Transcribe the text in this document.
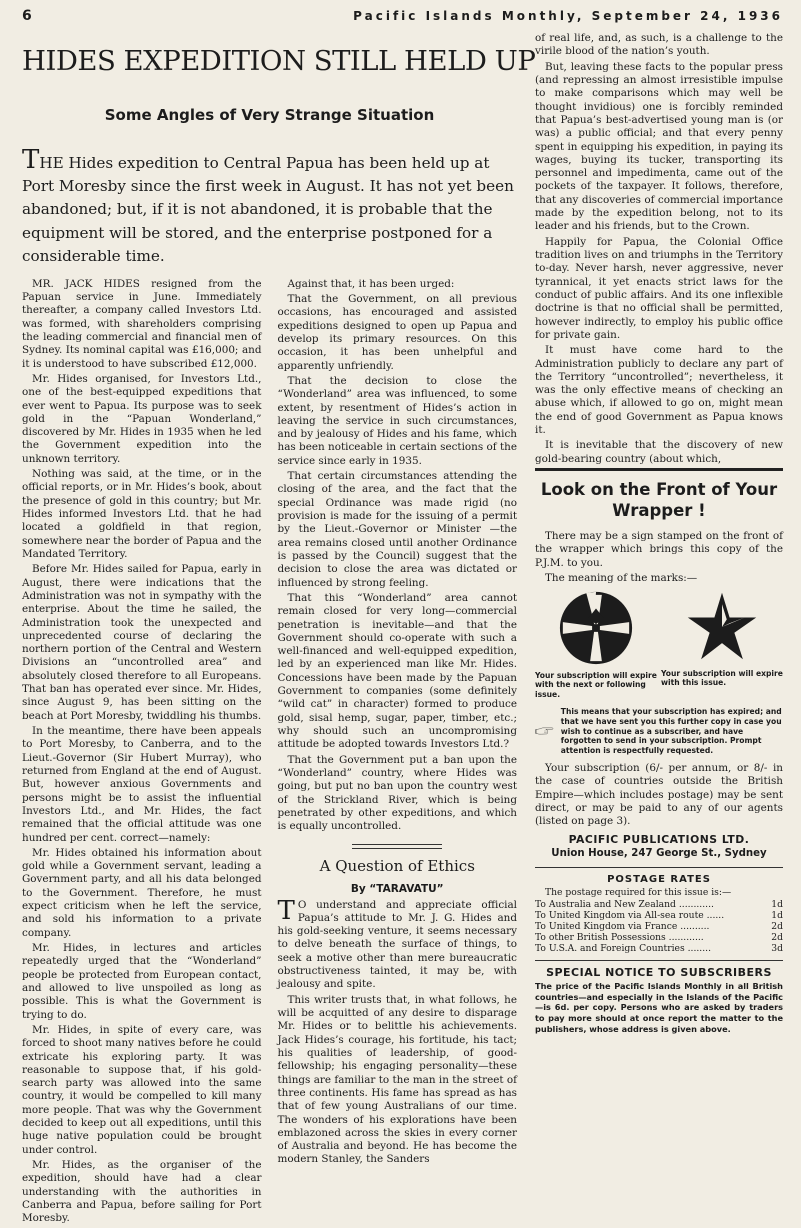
6	Pacific Islands Monthly, September 24, 1936
HIDES EXPEDITION STILL HELD UP
Some Angles of Very Strange Situation

THE Hides expedition to Central Papua has been held up at Port Moresby since the first week in August. It has not yet been abandoned; but, if it is not abandoned, it is probable that the equipment will be stored, and the enterprise postponed for a considerable time.

MR. JACK HIDES resigned from the Papuan service in June. Immediately thereafter, a company called Investors Ltd. was formed, with shareholders comprising the leading commercial and financial men of Sydney. Its nominal capital was £16,000; and it is understood to have subscribed £12,000.

Mr. Hides organised, for Investors Ltd., one of the best-equipped expeditions that ever went to Papua. Its purpose was to seek gold in the “Papuan Wonderland,” discovered by Mr. Hides in 1935 when he led the Government expedition into the unknown territory.

Nothing was said, at the time, or in the official reports, or in Mr. Hides’s book, about the presence of gold in this country; but Mr. Hides informed Investors Ltd. that he had located a goldfield in that region, somewhere near the border of Papua and the Mandated Territory.

Before Mr. Hides sailed for Papua, early in August, there were indications that the Administration was not in sympathy with the enterprise. About the time he sailed, the Administration took the unexpected and unprecedented course of declaring the northern portion of the Central and Western Divisions an “uncontrolled area” and absolutely closed therefore to all Europeans. That ban has operated ever since. Mr. Hides, since August 9, has been sitting on the beach at Port Moresby, twiddling his thumbs.

In the meantime, there have been appeals to Port Moresby, to Canberra, and to the Lieut.-Governor (Sir Hubert Murray), who returned from England at the end of August. But, however anxious Governments and persons might be to assist the influential Investors Ltd., and Mr. Hides, the fact remained that the official attitude was one hundred per cent. correct—namely:

Mr. Hides obtained his information about gold while a Government servant, leading a Government party, and all his data belonged to the Government. Therefore, he must expect criticism when he left the service, and sold his information to a private company.

Mr. Hides, in lectures and articles repeatedly urged that the “Wonderland” people be protected from European contact, and allowed to live unspoiled as long as possible. This is what the Government is trying to do.

Mr. Hides, in spite of every care, was forced to shoot many natives before he could extricate his exploring party. It was reasonable to suppose that, if his gold-search party was allowed into the same country, it would be compelled to kill many more people. That was why the Government decided to keep out all expeditions, until this huge native population could be brought under control.

Mr. Hides, as the organiser of the expedition, should have had a clear understanding with the authorities in Canberra and Papua, before sailing for Port Moresby.

Against that, it has been urged:

That the Government, on all previous occasions, has encouraged and assisted expeditions designed to open up Papua and develop its primary resources. On this occasion, it has been unhelpful and apparently unfriendly.

That the decision to close the “Wonderland” area was influenced, to some extent, by resentment of Hides’s action in leaving the service in such circumstances, and by jealousy of Hides and his fame, which has been noticeable in certain sections of the service since early in 1935.

That certain circumstances attending the closing of the area, and the fact that the special Ordinance was made rigid (no provision is made for the issuing of a permit by the Lieut.-Governor or Minister —the area remains closed until another Ordinance is passed by the Council) suggest that the decision to close the area was dictated or influenced by strong feeling.

That this “Wonderland” area cannot remain closed for very long—commercial penetration is inevitable—and that the Government should co-operate with such a well-financed and well-equipped expedition, led by an experienced man like Mr. Hides. Concessions have been made by the Papuan Government to companies (some definitely “wild cat” in character) formed to produce gold, sisal hemp, sugar, paper, timber, etc.; why should such an uncompromising attitude be adopted towards Investors Ltd.?

That the Government put a ban upon the “Wonderland” country, where Hides was going, but put no ban upon the country west of the Strickland River, which is being penetrated by other expeditions, and which is equally uncontrolled.

A Question of Ethics
By “TARAVATU”

T O understand and appreciate official Papua’s attitude to Mr. J. G. Hides and his gold-seeking venture, it seems necessary to delve beneath the surface of things, to seek a motive other than mere bureaucratic obstructiveness tainted, it may be, with jealousy and spite.

This writer trusts that, in what follows, he will be acquitted of any desire to disparage Mr. Hides or to belittle his achievements. Jack Hides’s courage, his fortitude, his tact; his qualities of leadership, of good-fellowship; his engaging personality—these things are familiar to the man in the street of three continents. His fame has spread as has that of few young Australians of our time. The wonders of his explorations have been emblazoned across the skies in every corner of Australia and beyond. He has become the modern Stanley, the Sanders

of real life, and, as such, is a challenge to the virile blood of the nation’s youth.

But, leaving these facts to the popular press (and repressing an almost irresistible impulse to make comparisons which may well be thought invidious) one is forcibly reminded that Papua’s best-advertised young man is (or was) a public official; and that every penny spent in equipping his expedition, in paying its wages, buying its tucker, transporting its personnel and impedimenta, came out of the pockets of the taxpayer. It follows, therefore, that any discoveries of commercial importance made by the expedition belong, not to its leader and his friends, but to the Crown.

Happily for Papua, the Colonial Office tradition lives on and triumphs in the Territory to-day. Never harsh, never aggressive, never tyrannical, it yet enacts strict laws for the conduct of public affairs. And its one inflexible doctrine is that no official shall be permitted, however indirectly, to employ his public office for private gain.

It must have come hard to the Administration publicly to declare any part of the Territory “uncontrolled”; nevertheless, it was the only effective means of checking an abuse which, if allowed to go on, might mean the end of good Government as Papua knows it.

It is inevitable that the discovery of new gold-bearing country (about which,

Look on the Front of Your Wrapper !

There may be a sign stamped on the front of the wrapper which brings this copy of the P.J.M. to you.

The meaning of the marks:—

Your subscription will expire with the next or following issue.
Your subscription will expire with this issue.
This means that your subscription has expired; and that we have sent you this further copy in case you wish to continue as a subscriber, and have forgotten to send in your subscription. Prompt attention is respectfully requested.

Your subscription (6/- per annum, or 8/- in the case of countries outside the British Empire—which includes postage) may be sent direct, or may be paid to any of our agents (listed on page 3).

PACIFIC PUBLICATIONS LTD.
Union House, 247 George St., Sydney
POSTAGE RATES
The postage required for this issue is:—
To Australia and New Zealand ............	1d
To United Kingdom via All-sea route ......	1d
To United Kingdom via France ..........	2d
To other British Possessions ............	2d
To U.S.A. and Foreign Countries ........	3d
SPECIAL NOTICE TO SUBSCRIBERS
The price of the Pacific Islands Monthly in all British countries—and especially in the Islands of the Pacific—is 6d. per copy. Persons who are asked by traders to pay more should at once report the matter to the publishers, whose address is given above.
